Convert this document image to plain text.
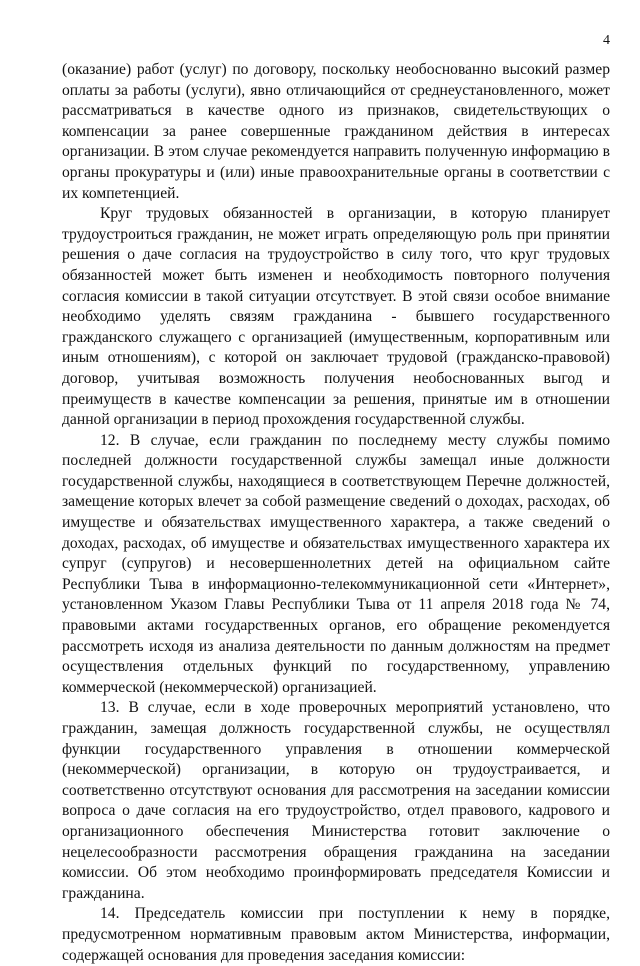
4

(оказание) работ (услуг) по договору, поскольку необоснованно высокий размер оплаты за работы (услуги), явно отличающийся от среднеустановленного, может рассматриваться в качестве одного из признаков, свидетельствующих о компенсации за ранее совершенные гражданином действия в интересах организации. В этом случае рекомендуется направить полученную информацию в органы прокуратуры и (или) иные правоохранительные органы в соответствии с их компетенцией.

Круг трудовых обязанностей в организации, в которую планирует трудоустроиться гражданин, не может играть определяющую роль при принятии решения о даче согласия на трудоустройство в силу того, что круг трудовых обязанностей может быть изменен и необходимость повторного получения согласия комиссии в такой ситуации отсутствует. В этой связи особое внимание необходимо уделять связям гражданина - бывшего государственного гражданского служащего с организацией (имущественным, корпоративным или иным отношениям), с которой он заключает трудовой (гражданско-правовой) договор, учитывая возможность получения необоснованных выгод и преимуществ в качестве компенсации за решения, принятые им в отношении данной организации в период прохождения государственной службы.

12. В случае, если гражданин по последнему месту службы помимо последней должности государственной службы замещал иные должности государственной службы, находящиеся в соответствующем Перечне должностей, замещение которых влечет за собой размещение сведений о доходах, расходах, об имуществе и обязательствах имущественного характера, а также сведений о доходах, расходах, об имуществе и обязательствах имущественного характера их супруг (супругов) и несовершеннолетних детей на официальном сайте Республики Тыва в информационно-телекоммуникационной сети «Интернет», установленном Указом Главы Республики Тыва от 11 апреля 2018 года № 74, правовыми актами государственных органов, его обращение рекомендуется рассмотреть исходя из анализа деятельности по данным должностям на предмет осуществления отдельных функций по государственному, управлению коммерческой (некоммерческой) организацией.

13. В случае, если в ходе проверочных мероприятий установлено, что гражданин, замещая должность государственной службы, не осуществлял функции государственного управления в отношении коммерческой (некоммерческой) организации, в которую он трудоустраивается, и соответственно отсутствуют основания для рассмотрения на заседании комиссии вопроса о даче согласия на его трудоустройство, отдел правового, кадрового и организационного обеспечения Министерства готовит заключение о нецелесообразности рассмотрения обращения гражданина на заседании комиссии. Об этом необходимо проинформировать председателя Комиссии и гражданина.

14. Председатель комиссии при поступлении к нему в порядке, предусмотренном нормативным правовым актом Министерства, информации, содержащей основания для проведения заседания комиссии:
